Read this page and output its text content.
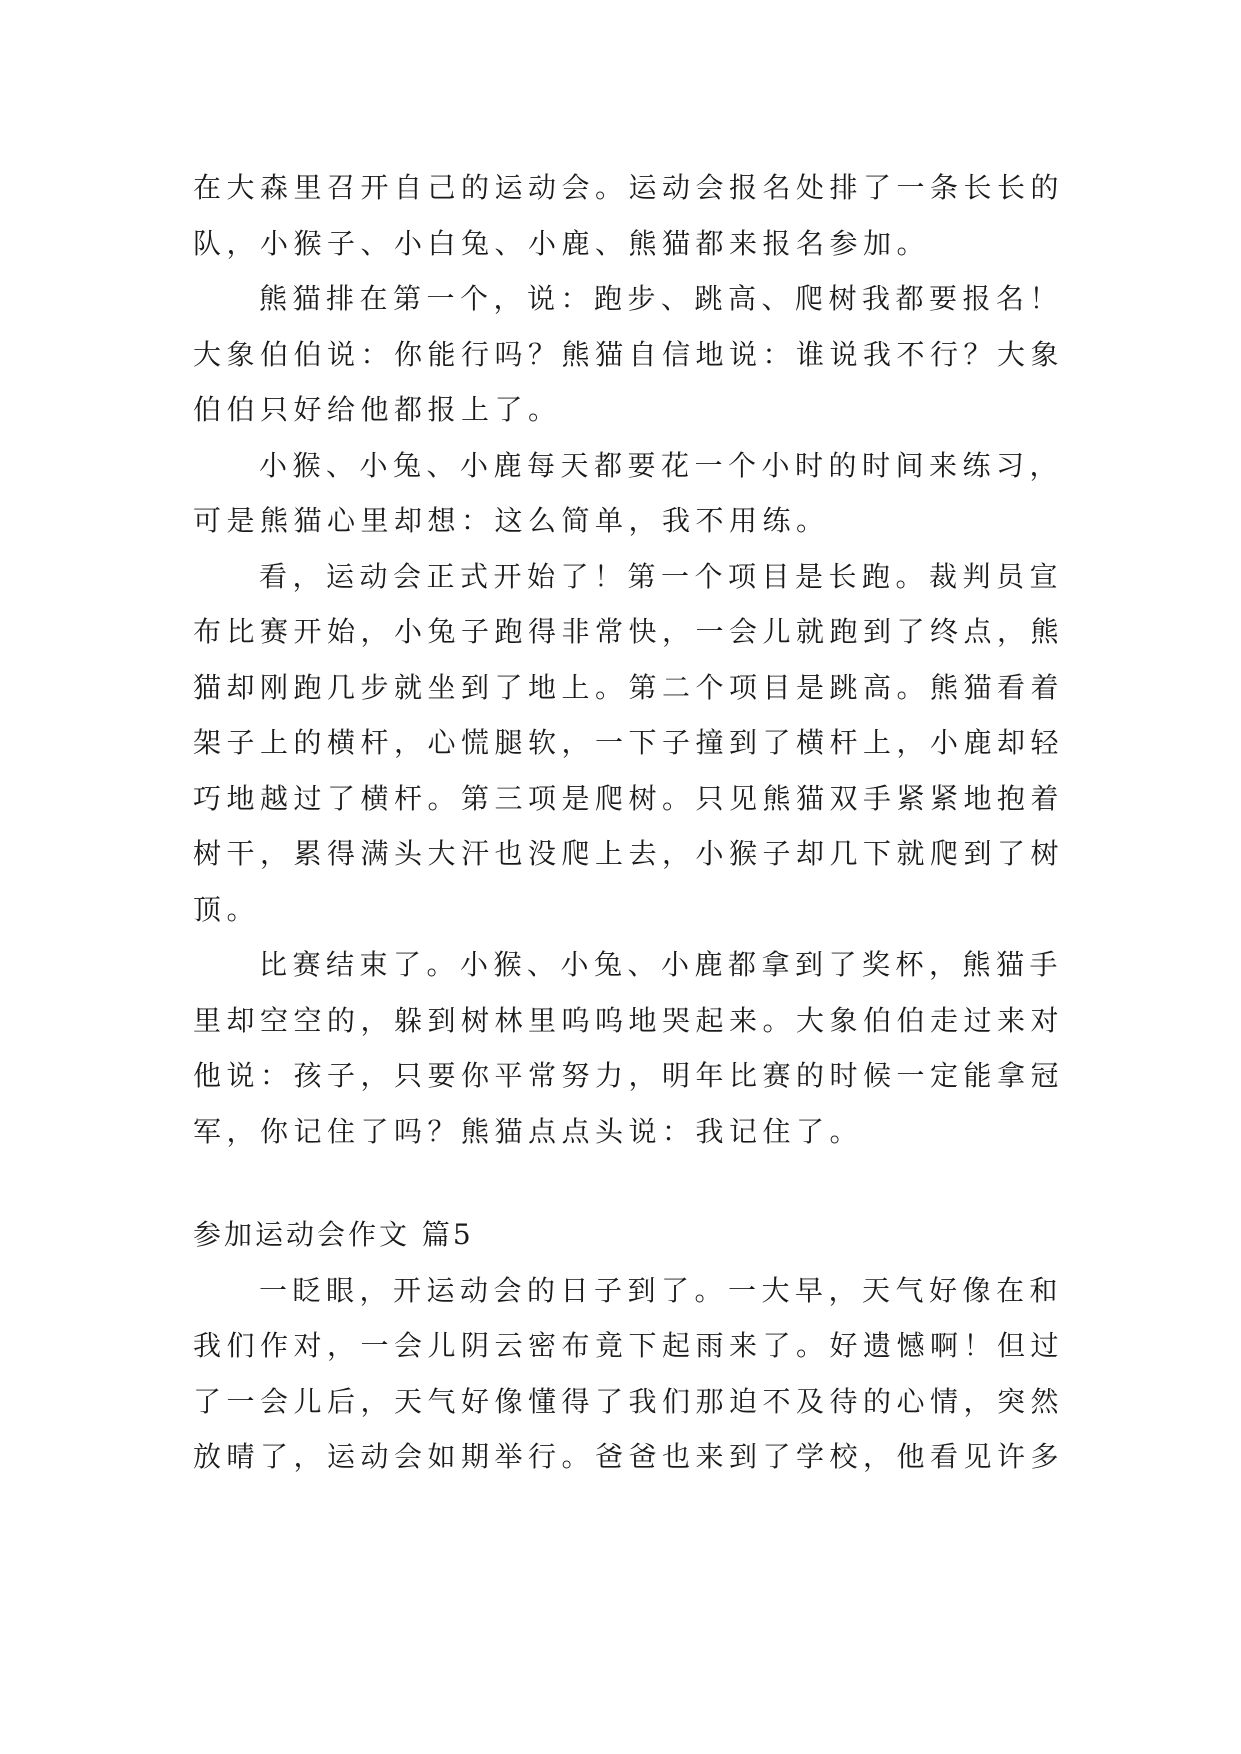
在大森里召开自己的运动会。运动会报名处排了一条长长的
队，小猴子、小白兔、小鹿、熊猫都来报名参加。

熊猫排在第一个，说：跑步、跳高、爬树我都要报名！
大象伯伯说：你能行吗？熊猫自信地说：谁说我不行？大象
伯伯只好给他都报上了。

小猴、小兔、小鹿每天都要花一个小时的时间来练习，
可是熊猫心里却想：这么简单，我不用练。

看，运动会正式开始了！第一个项目是长跑。裁判员宣
布比赛开始，小兔子跑得非常快，一会儿就跑到了终点，熊
猫却刚跑几步就坐到了地上。第二个项目是跳高。熊猫看着
架子上的横杆，心慌腿软，一下子撞到了横杆上，小鹿却轻
巧地越过了横杆。第三项是爬树。只见熊猫双手紧紧地抱着
树干，累得满头大汗也没爬上去，小猴子却几下就爬到了树
顶。

比赛结束了。小猴、小兔、小鹿都拿到了奖杯，熊猫手
里却空空的，躲到树林里呜呜地哭起来。大象伯伯走过来对
他说：孩子，只要你平常努力，明年比赛的时候一定能拿冠
军，你记住了吗？熊猫点点头说：我记住了。

参加运动会作文 篇5

一眨眼，开运动会的日子到了。一大早，天气好像在和
我们作对，一会儿阴云密布竟下起雨来了。好遗憾啊！但过
了一会儿后，天气好像懂得了我们那迫不及待的心情，突然
放晴了，运动会如期举行。爸爸也来到了学校，他看见许多
